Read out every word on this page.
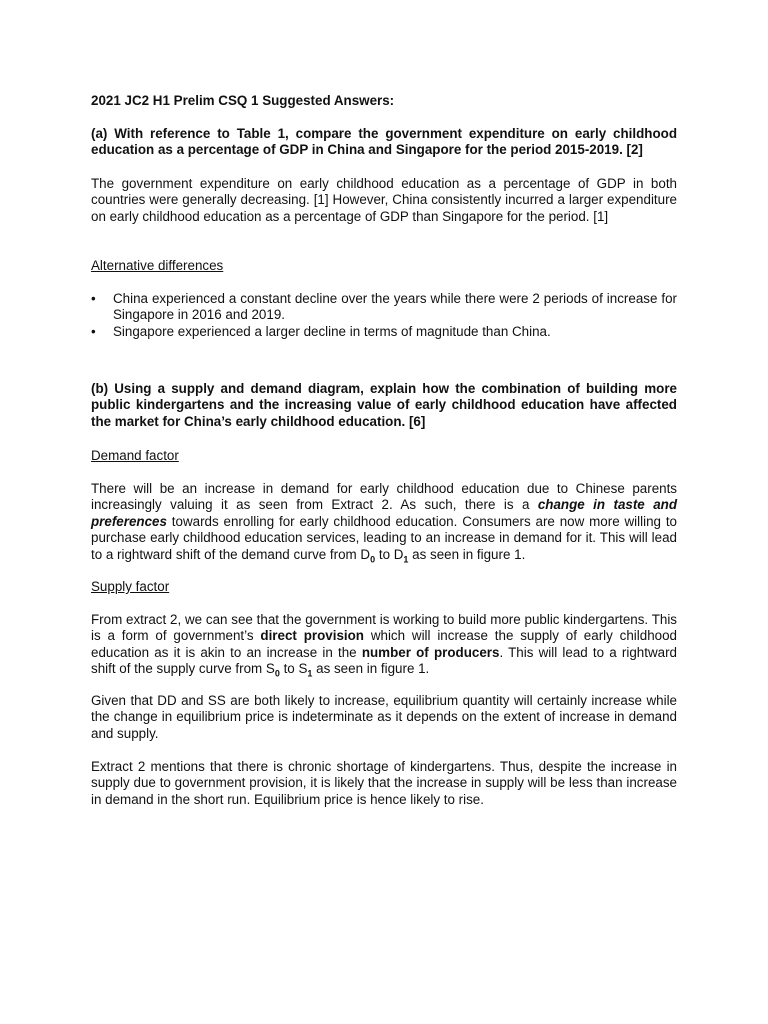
2021 JC2 H1 Prelim CSQ 1 Suggested Answers:
(a) With reference to Table 1, compare the government expenditure on early childhood education as a percentage of GDP in China and Singapore for the period 2015-2019. [2]
The government expenditure on early childhood education as a percentage of GDP in both countries were generally decreasing. [1] However, China consistently incurred a larger expenditure on early childhood education as a percentage of GDP than Singapore for the period. [1]
Alternative differences
• China experienced a constant decline over the years while there were 2 periods of increase for Singapore in 2016 and 2019.
• Singapore experienced a larger decline in terms of magnitude than China.
(b) Using a supply and demand diagram, explain how the combination of building more public kindergartens and the increasing value of early childhood education have affected the market for China’s early childhood education. [6]
Demand factor
There will be an increase in demand for early childhood education due to Chinese parents increasingly valuing it as seen from Extract 2. As such, there is a change in taste and preferences towards enrolling for early childhood education. Consumers are now more willing to purchase early childhood education services, leading to an increase in demand for it. This will lead to a rightward shift of the demand curve from $D_0$ to $D_1$ as seen in figure 1.
Supply factor
From extract 2, we can see that the government is working to build more public kindergartens. This is a form of government’s direct provision which will increase the supply of early childhood education as it is akin to an increase in the number of producers. This will lead to a rightward shift of the supply curve from $S_0$ to $S_1$ as seen in figure 1.
Given that DD and SS are both likely to increase, equilibrium quantity will certainly increase while the change in equilibrium price is indeterminate as it depends on the extent of increase in demand and supply.
Extract 2 mentions that there is chronic shortage of kindergartens. Thus, despite the increase in supply due to government provision, it is likely that the increase in supply will be less than increase in demand in the short run. Equilibrium price is hence likely to rise.
